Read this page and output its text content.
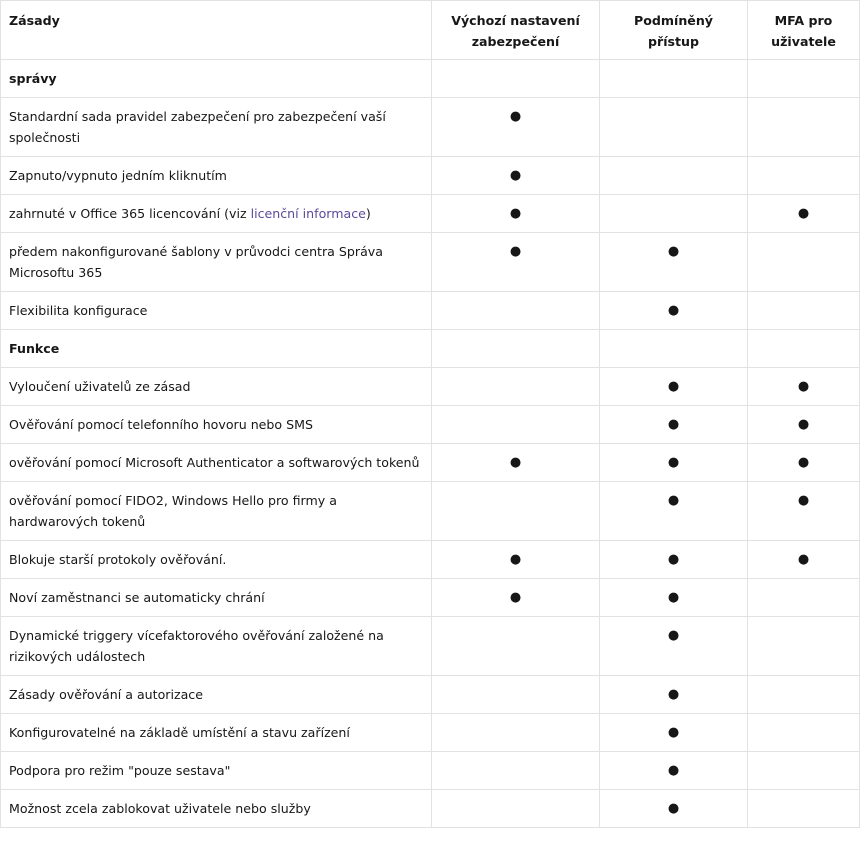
Zásady	Výchozí nastavení zabezpečení	Podmíněný přístup	MFA pro uživatele
správy			
Standardní sada pravidel zabezpečení pro zabezpečení vaší společnosti	●		
Zapnuto/vypnuto jedním kliknutím	●		
zahrnuté v Office 365 licencování (viz licenční informace)	●		●
předem nakonfigurované šablony v průvodci centra Správa Microsoftu 365	●	●	
Flexibilita konfigurace		●	
Funkce			
Vyloučení uživatelů ze zásad		●	●
Ověřování pomocí telefonního hovoru nebo SMS		●	●
ověřování pomocí Microsoft Authenticator a softwarových tokenů	●	●	●
ověřování pomocí FIDO2, Windows Hello pro firmy a hardwarových tokenů		●	●
Blokuje starší protokoly ověřování.	●	●	●
Noví zaměstnanci se automaticky chrání	●	●	
Dynamické triggery vícefaktorového ověřování založené na rizikových událostech		●	
Zásady ověřování a autorizace		●	
Konfigurovatelné na základě umístění a stavu zařízení		●	
Podpora pro režim "pouze sestava"		●	
Možnost zcela zablokovat uživatele nebo služby		●	
